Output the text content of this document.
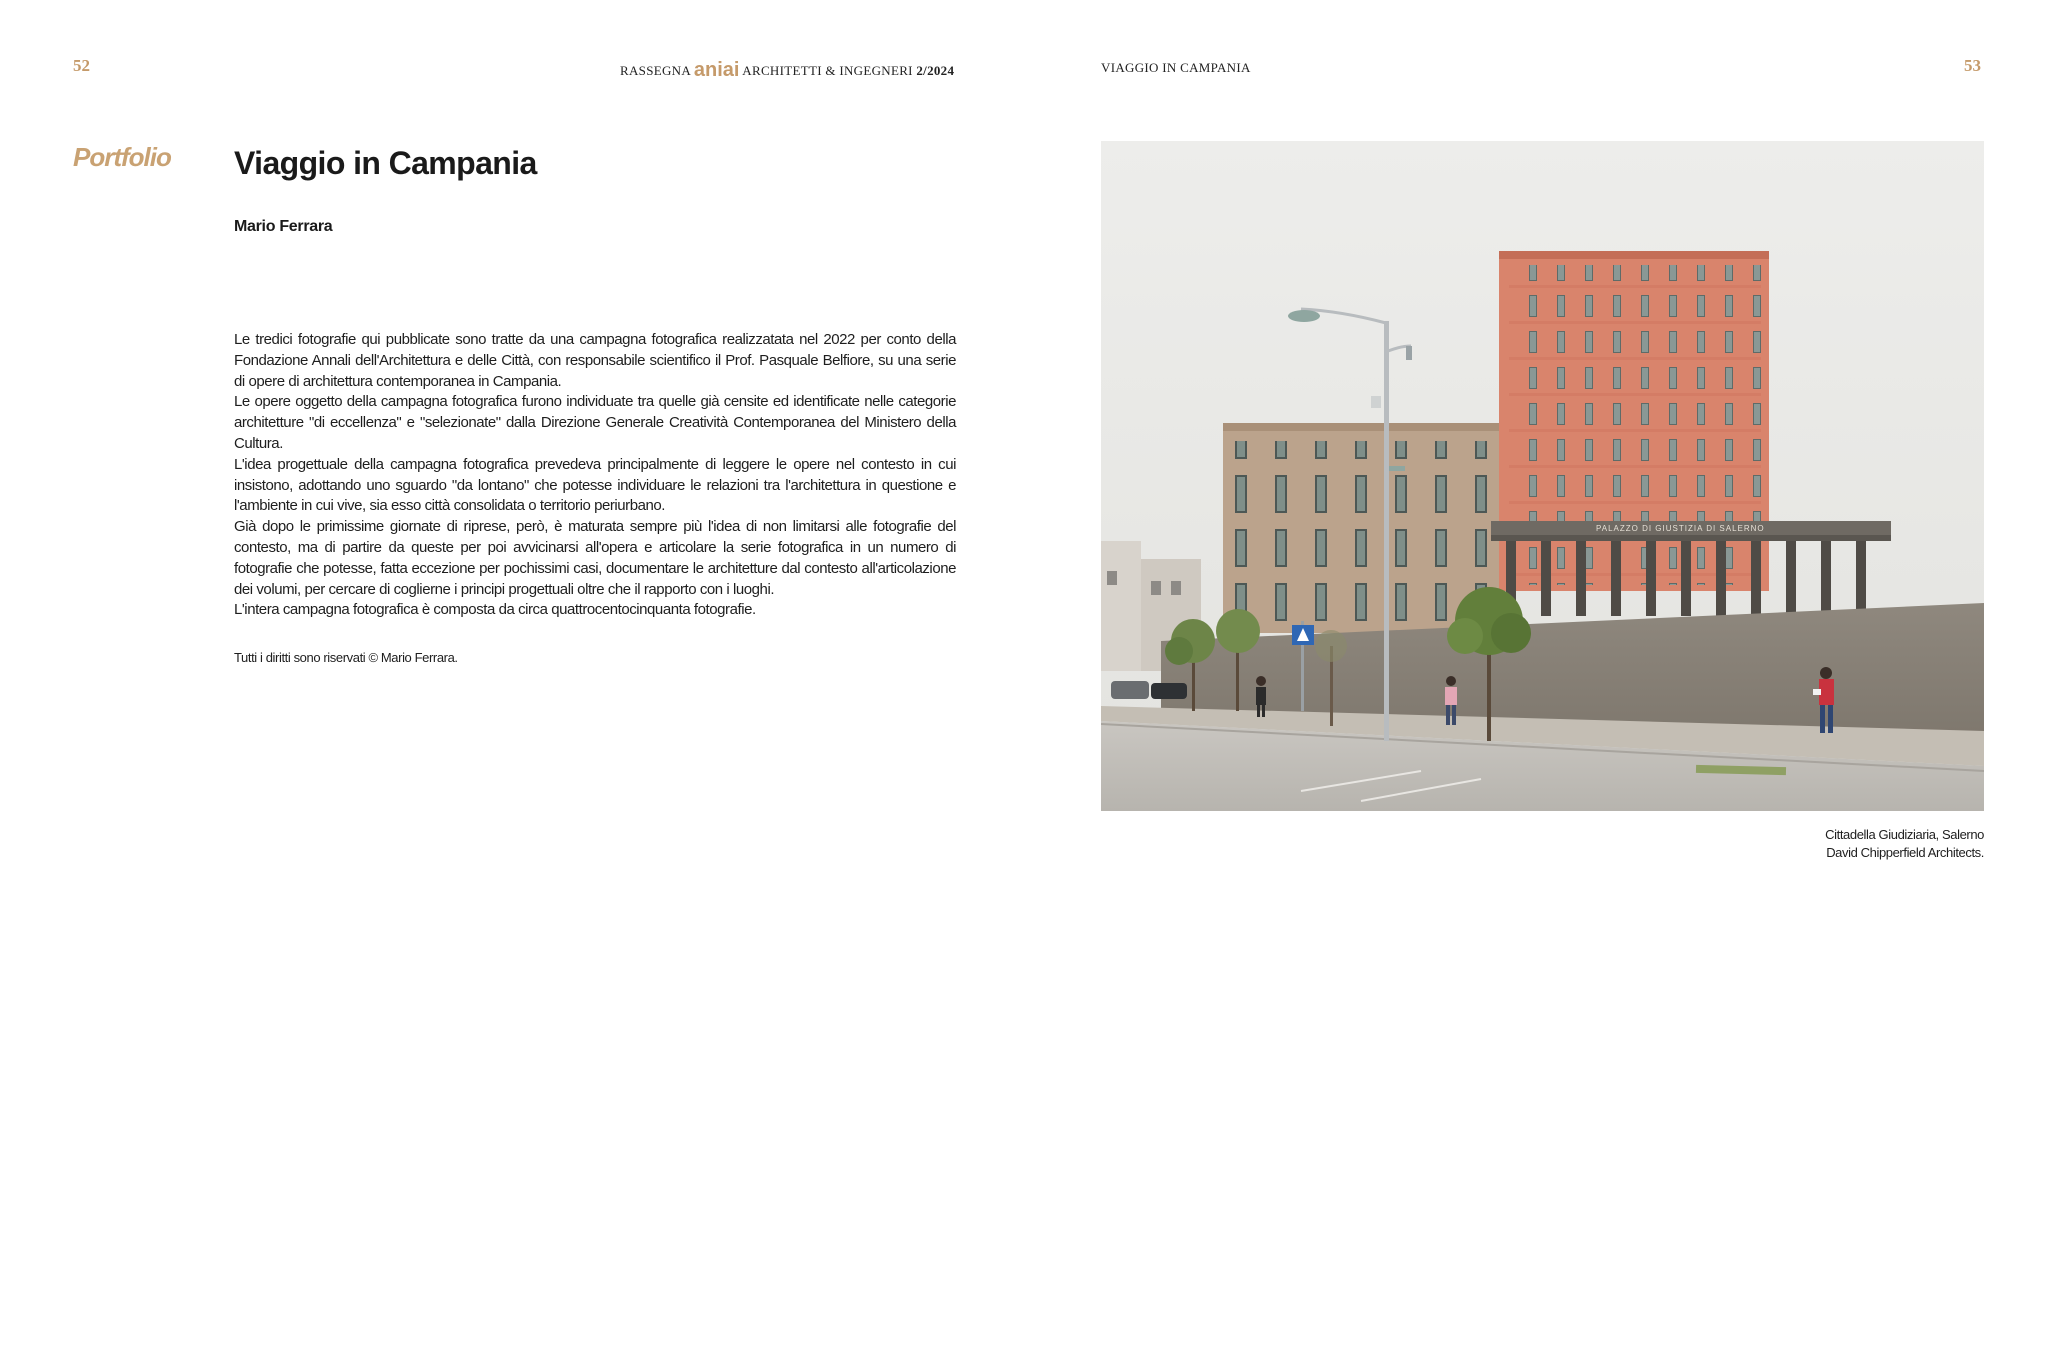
52	RASSEGNA aniai ARCHITETTI & INGEGNERI 2/2024
Portfolio Viaggio in Campania
Mario Ferrara

Le tredici fotografie qui pubblicate sono tratte da una campagna fotografica realizzatata nel 2022 per conto della Fondazione Annali dell'Architettura e delle Città, con responsabile scientifico il Prof. Pasquale Belfiore, su una serie di opere di architettura contemporanea in Campania.

Le opere oggetto della campagna fotografica furono individuate tra quelle già censite ed identificate nelle categorie architetture "di eccellenza" e "selezionate" dalla Direzione Generale Creatività Contemporanea del Ministero della Cultura.

L'idea progettuale della campagna fotografica prevedeva principalmente di leggere le opere nel contesto in cui insistono, adottando uno sguardo "da lontano" che potesse individuare le relazioni tra l'architettura in questione e l'ambiente in cui vive, sia esso città consolidata o territorio periurbano.

Già dopo le primissime giornate di riprese, però, è maturata sempre più l'idea di non limitarsi alle fotografie del contesto, ma di partire da queste per poi avvicinarsi all'opera e articolare la serie fotografica in un numero di fotografie che potesse, fatta eccezione per pochissimi casi, documentare le architetture dal contesto all'articolazione dei volumi, per cercare di coglierne i principi progettuali oltre che il rapporto con i luoghi.

L'intera campagna fotografica è composta da circa quattrocentocinquanta fotografie.

Tutti i diritti sono riservati © Mario Ferrara.
VIAGGIO IN CAMPANIA	53
PALAZZO DI GIUSTIZIA DI SALERNO
Cittadella Giudiziaria, Salerno
David Chipperfield Architects.
